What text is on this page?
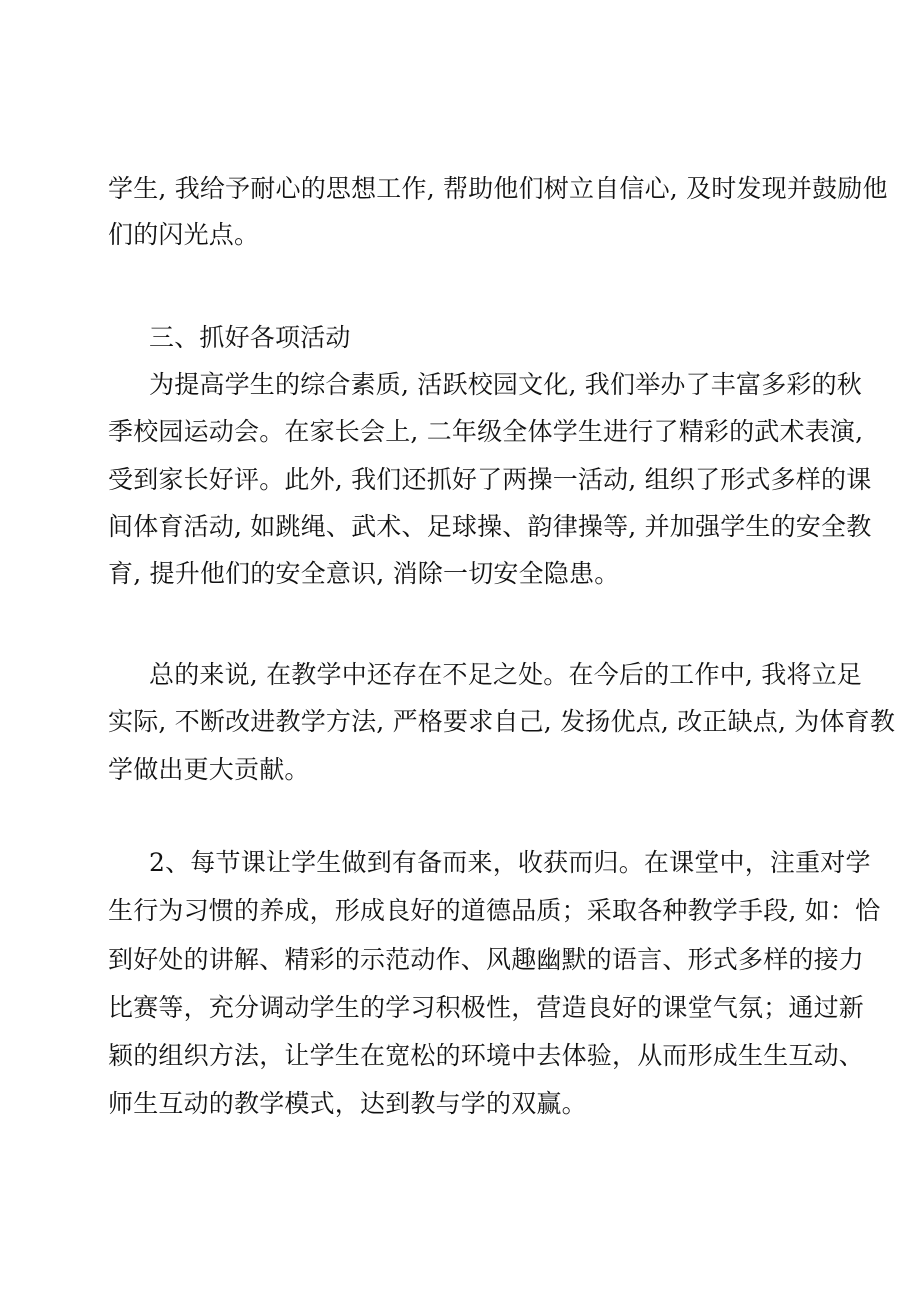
学生, 我给予耐心的思想工作, 帮助他们树立自信心, 及时发现并鼓励他
们的闪光点。
三、抓好各项活动
为提高学生的综合素质, 活跃校园文化, 我们举办了丰富多彩的秋
季校园运动会。在家长会上, 二年级全体学生进行了精彩的武术表演,
受到家长好评。此外, 我们还抓好了两操一活动, 组织了形式多样的课
间体育活动, 如跳绳、武术、足球操、韵律操等, 并加强学生的安全教
育, 提升他们的安全意识, 消除一切安全隐患。
总的来说, 在教学中还存在不足之处。在今后的工作中, 我将立足
实际, 不断改进教学方法, 严格要求自己, 发扬优点, 改正缺点, 为体育教
学做出更大贡献。
2、每节课让学生做到有备而来，收获而归。在课堂中，注重对学
生行为习惯的养成，形成良好的道德品质；采取各种教学手段, 如：恰
到好处的讲解、精彩的示范动作、风趣幽默的语言、形式多样的接力
比赛等，充分调动学生的学习积极性，营造良好的课堂气氛；通过新
颖的组织方法，让学生在宽松的环境中去体验，从而形成生生互动、
师生互动的教学模式，达到教与学的双赢。
